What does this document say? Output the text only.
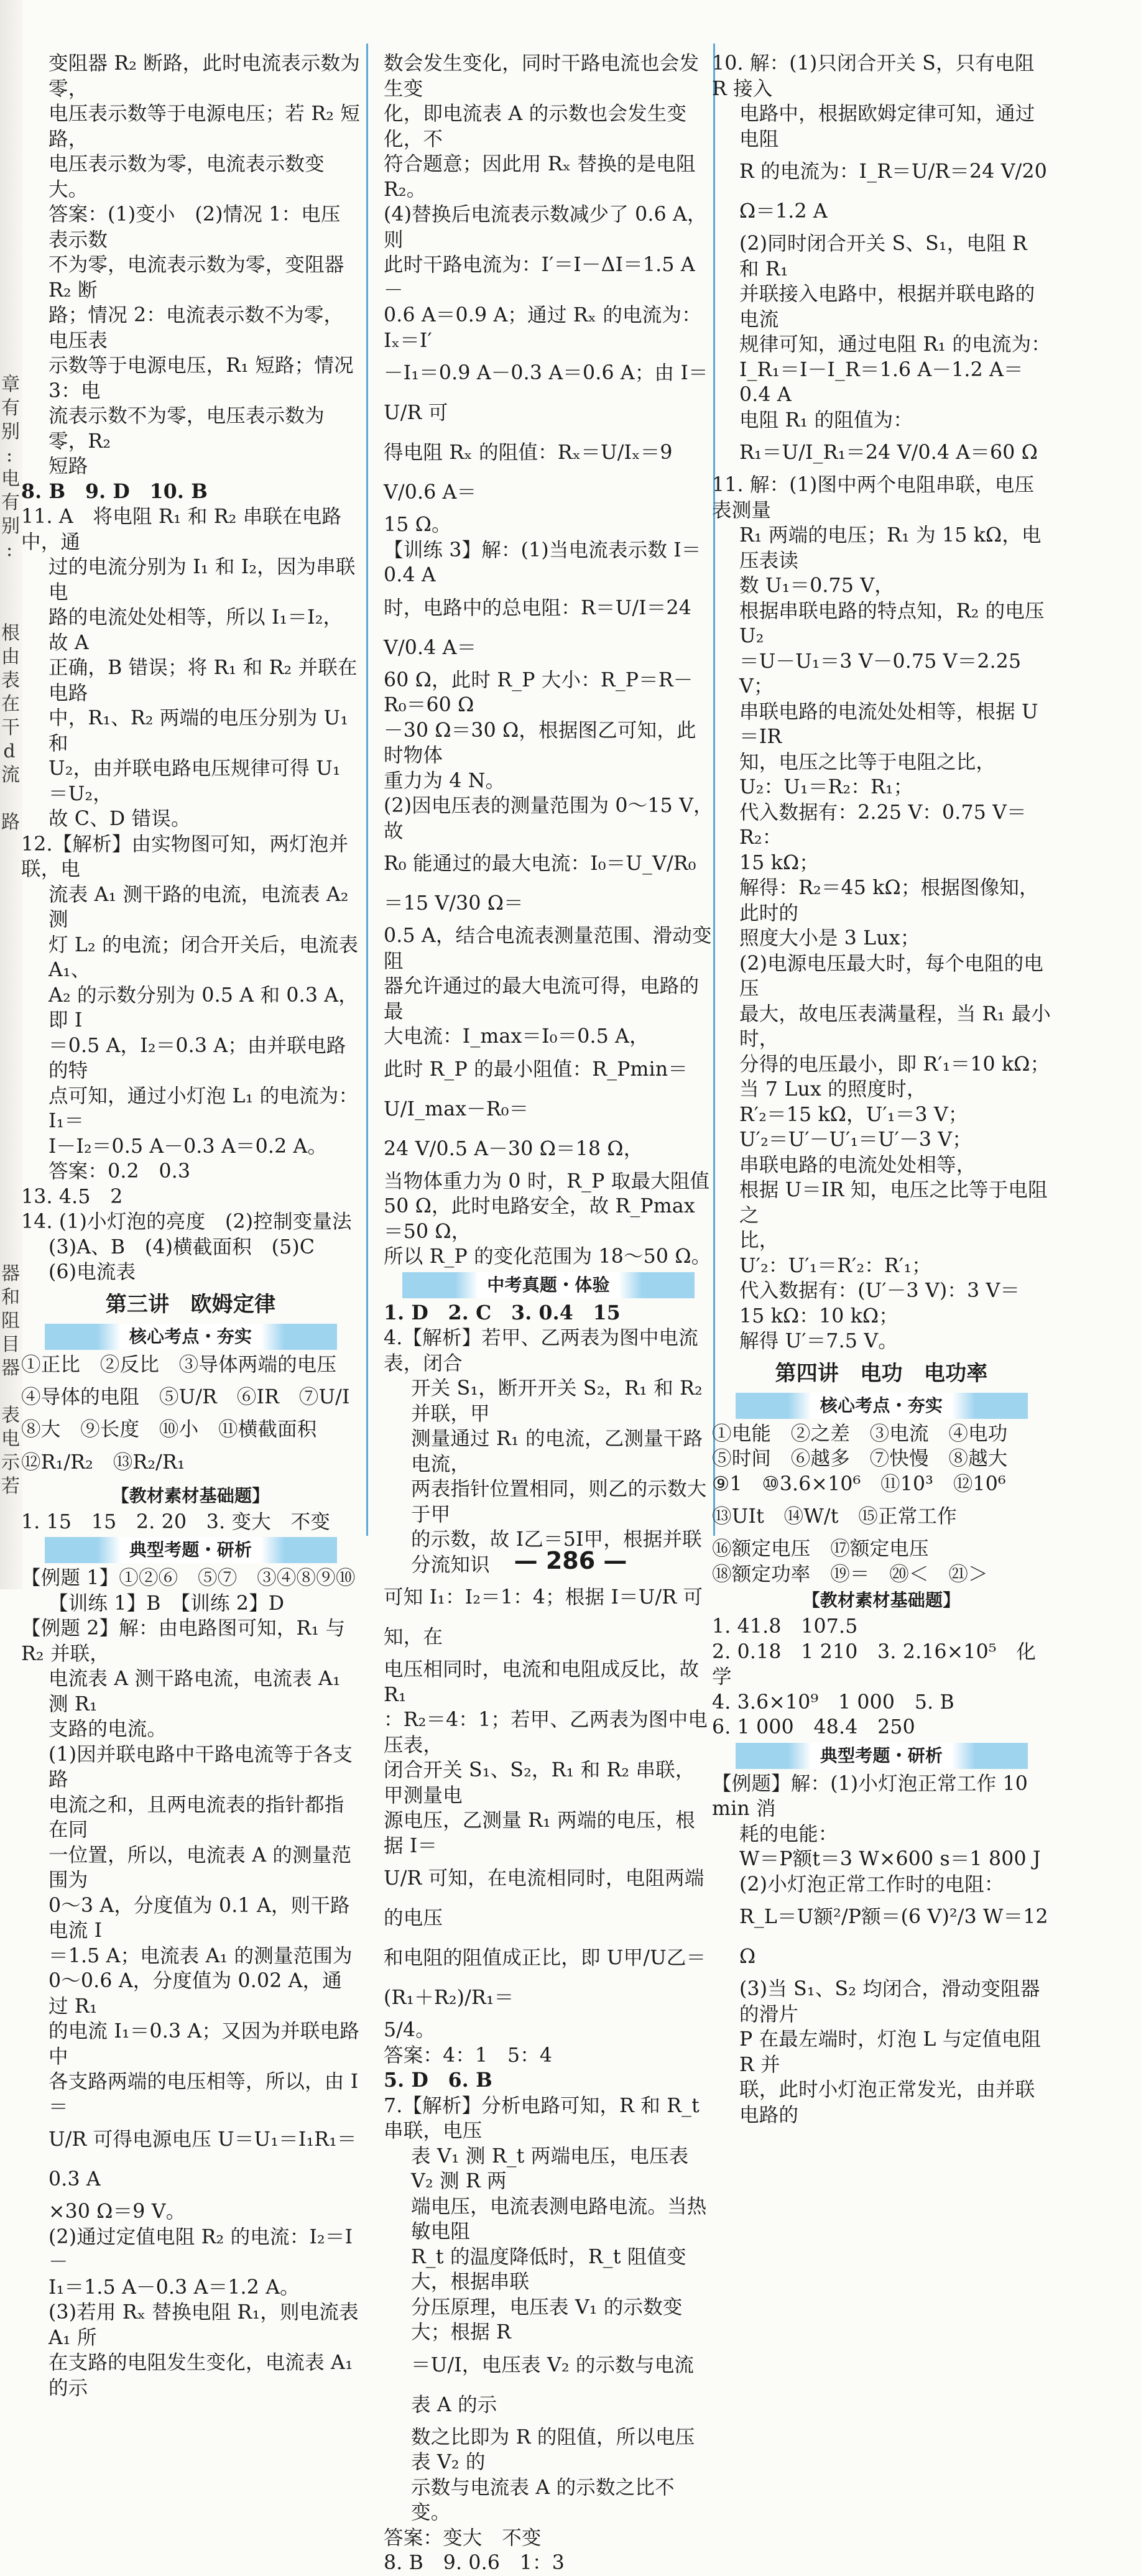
章
有
别
:
电
有
别
:
根
由
表
在
干
d
流

路
器
和
阻
目
器

表
电
示
若

变阻器 R₂ 断路，此时电流表示数为零，

电压表示数等于电源电压；若 R₂ 短路，

电压表示数为零，电流表示数变大。

答案：(1)变小　(2)情况 1：电压表示数

不为零，电流表示数为零，变阻器 R₂ 断

路；情况 2：电流表示数不为零，电压表

示数等于电源电压，R₁ 短路；情况 3：电

流表示数不为零，电压表示数为零，R₂

短路

8. B　9. D　10. B

11. A　将电阻 R₁ 和 R₂ 串联在电路中，通

过的电流分别为 I₁ 和 I₂，因为串联电

路的电流处处相等，所以 I₁＝I₂，故 A

正确，B 错误；将 R₁ 和 R₂ 并联在电路

中，R₁、R₂ 两端的电压分别为 U₁ 和

U₂，由并联电路电压规律可得 U₁＝U₂，

故 C、D 错误。

12.【解析】由实物图可知，两灯泡并联，电

流表 A₁ 测干路的电流，电流表 A₂ 测

灯 L₂ 的电流；闭合开关后，电流表 A₁、

A₂ 的示数分别为 0.5 A 和 0.3 A，即 I

＝0.5 A，I₂＝0.3 A；由并联电路的特

点可知，通过小灯泡 L₁ 的电流为：I₁＝

I－I₂＝0.5 A－0.3 A＝0.2 A。

答案：0.2　0.3

13. 4.5　2

14. (1)小灯泡的亮度　(2)控制变量法

(3)A、B　(4)横截面积　(5)C

(6)电流表

第三讲　欧姆定律
核心考点・夯实

①正比　②反比　③导体两端的电压

④导体的电阻　⑤U/R　⑥IR　⑦U/I

⑧大　⑨长度　⑩小　⑪横截面积

⑫R₁/R₂　⑬R₂/R₁

【教材素材基础题】

1. 15　15　2. 20　3. 变大　不变

典型考题・研析

【例题 1】①②⑥　⑤⑦　③④⑧⑨⑩

【训练 1】B　【训练 2】D

【例题 2】解：由电路图可知，R₁ 与 R₂ 并联，

电流表 A 测干路电流，电流表 A₁ 测 R₁

支路的电流。

(1)因并联电路中干路电流等于各支路

电流之和，且两电流表的指针都指在同

一位置，所以，电流表 A 的测量范围为

0～3 A，分度值为 0.1 A，则干路电流 I

＝1.5 A；电流表 A₁ 的测量范围为

0～0.6 A，分度值为 0.02 A，通过 R₁

的电流 I₁＝0.3 A；又因为并联电路中

各支路两端的电压相等，所以，由 I＝

U/R 可得电源电压 U＝U₁＝I₁R₁＝0.3 A

×30 Ω＝9 V。

(2)通过定值电阻 R₂ 的电流：I₂＝I－

I₁＝1.5 A－0.3 A＝1.2 A。

(3)若用 Rₓ 替换电阻 R₁，则电流表 A₁ 所

在支路的电阻发生变化，电流表 A₁ 的示

数会发生变化，同时干路电流也会发生变

化，即电流表 A 的示数也会发生变化，不

符合题意；因此用 Rₓ 替换的是电阻 R₂。

(4)替换后电流表示数减少了 0.6 A，则

此时干路电流为：I′＝I－ΔI＝1.5 A－

0.6 A＝0.9 A；通过 Rₓ 的电流为：Iₓ＝I′

－I₁＝0.9 A－0.3 A＝0.6 A；由 I＝U/R 可

得电阻 Rₓ 的阻值：Rₓ＝U/Iₓ＝9 V/0.6 A＝

15 Ω。

【训练 3】解：(1)当电流表示数 I＝0.4 A

时，电路中的总电阻：R＝U/I＝24 V/0.4 A＝

60 Ω，此时 R_P 大小：R_P＝R－R₀＝60 Ω

－30 Ω＝30 Ω，根据图乙可知，此时物体

重力为 4 N。

(2)因电压表的测量范围为 0～15 V，故

R₀ 能通过的最大电流：I₀＝U_V/R₀＝15 V/30 Ω＝

0.5 A，结合电流表测量范围、滑动变阻

器允许通过的最大电流可得，电路的最

大电流：I_max＝I₀＝0.5 A，

此时 R_P 的最小阻值：R_Pmin＝U/I_max－R₀＝

24 V/0.5 A－30 Ω＝18 Ω，

当物体重力为 0 时，R_P 取最大阻值

50 Ω，此时电路安全，故 R_Pmax＝50 Ω，

所以 R_P 的变化范围为 18～50 Ω。

中考真题・体验

1. D　2. C　3. 0.4　15

4.【解析】若甲、乙两表为图中电流表，闭合

开关 S₁，断开开关 S₂，R₁ 和 R₂ 并联，甲

测量通过 R₁ 的电流，乙测量干路电流，

两表指针位置相同，则乙的示数大于甲

的示数，故 I乙＝5I甲，根据并联分流知识

可知 I₁：I₂＝1：4；根据 I＝U/R 可知，在

电压相同时，电流和电阻成反比，故 R₁

：R₂＝4：1；若甲、乙两表为图中电压表，

闭合开关 S₁、S₂，R₁ 和 R₂ 串联，甲测量电

源电压，乙测量 R₁ 两端的电压，根据 I＝

U/R 可知，在电流相同时，电阻两端的电压

和电阻的阻值成正比，即 U甲/U乙＝(R₁＋R₂)/R₁＝

5/4。

答案：4：1　5：4

5. D　6. B

7.【解析】分析电路可知，R 和 R_t 串联，电压

表 V₁ 测 R_t 两端电压，电压表 V₂ 测 R 两

端电压，电流表测电路电流。当热敏电阻

R_t 的温度降低时，R_t 阻值变大，根据串联

分压原理，电压表 V₁ 的示数变大；根据 R

＝U/I，电压表 V₂ 的示数与电流表 A 的示

数之比即为 R 的阻值，所以电压表 V₂ 的

示数与电流表 A 的示数之比不变。

答案：变大　不变

8. B　9. 0.6　1：3

10. 解：(1)只闭合开关 S，只有电阻 R 接入

电路中，根据欧姆定律可知，通过电阻

R 的电流为：I_R＝U/R＝24 V/20 Ω＝1.2 A

(2)同时闭合开关 S、S₁，电阻 R 和 R₁

并联接入电路中，根据并联电路的电流

规律可知，通过电阻 R₁ 的电流为：

I_R₁＝I－I_R＝1.6 A－1.2 A＝0.4 A

电阻 R₁ 的阻值为：

R₁＝U/I_R₁＝24 V/0.4 A＝60 Ω

11. 解：(1)图中两个电阻串联，电压表测量

R₁ 两端的电压；R₁ 为 15 kΩ，电压表读

数 U₁＝0.75 V，

根据串联电路的特点知，R₂ 的电压 U₂

＝U－U₁＝3 V－0.75 V＝2.25 V；

串联电路的电流处处相等，根据 U＝IR

知，电压之比等于电阻之比，

U₂：U₁＝R₂：R₁；

代入数据有：2.25 V：0.75 V＝R₂：

15 kΩ；

解得：R₂＝45 kΩ；根据图像知，此时的

照度大小是 3 Lux；

(2)电源电压最大时，每个电阻的电压

最大，故电压表满量程，当 R₁ 最小时，

分得的电压最小，即 R′₁＝10 kΩ；

当 7 Lux 的照度时，

R′₂＝15 kΩ，U′₁＝3 V；

U′₂＝U′－U′₁＝U′－3 V；

串联电路的电流处处相等，

根据 U＝IR 知，电压之比等于电阻之

比，

U′₂：U′₁＝R′₂：R′₁；

代入数据有：(U′－3 V)：3 V＝

15 kΩ：10 kΩ；

解得 U′＝7.5 V。

第四讲　电功　电功率
核心考点・夯实

①电能　②之差　③电流　④电功

⑤时间　⑥越多　⑦快慢　⑧越大

⑨1　⑩3.6×10⁶　⑪10³　⑫10⁶

⑬UIt　⑭W/t　⑮正常工作

⑯额定电压　⑰额定电压

⑱额定功率　⑲＝　⑳＜　㉑＞

【教材素材基础题】

1. 41.8　107.5

2. 0.18　1 210　3. 2.16×10⁵　化学

4. 3.6×10⁹　1 000　5. B

6. 1 000　48.4　250

典型考题・研析

【例题】解：(1)小灯泡正常工作 10 min 消

耗的电能：

W＝P额t＝3 W×600 s＝1 800 J

(2)小灯泡正常工作时的电阻：

R_L＝U额²/P额＝(6 V)²/3 W＝12 Ω

(3)当 S₁、S₂ 均闭合，滑动变阻器的滑片

P 在最左端时，灯泡 L 与定值电阻 R 并

联，此时小灯泡正常发光，由并联电路的

— 286 —
